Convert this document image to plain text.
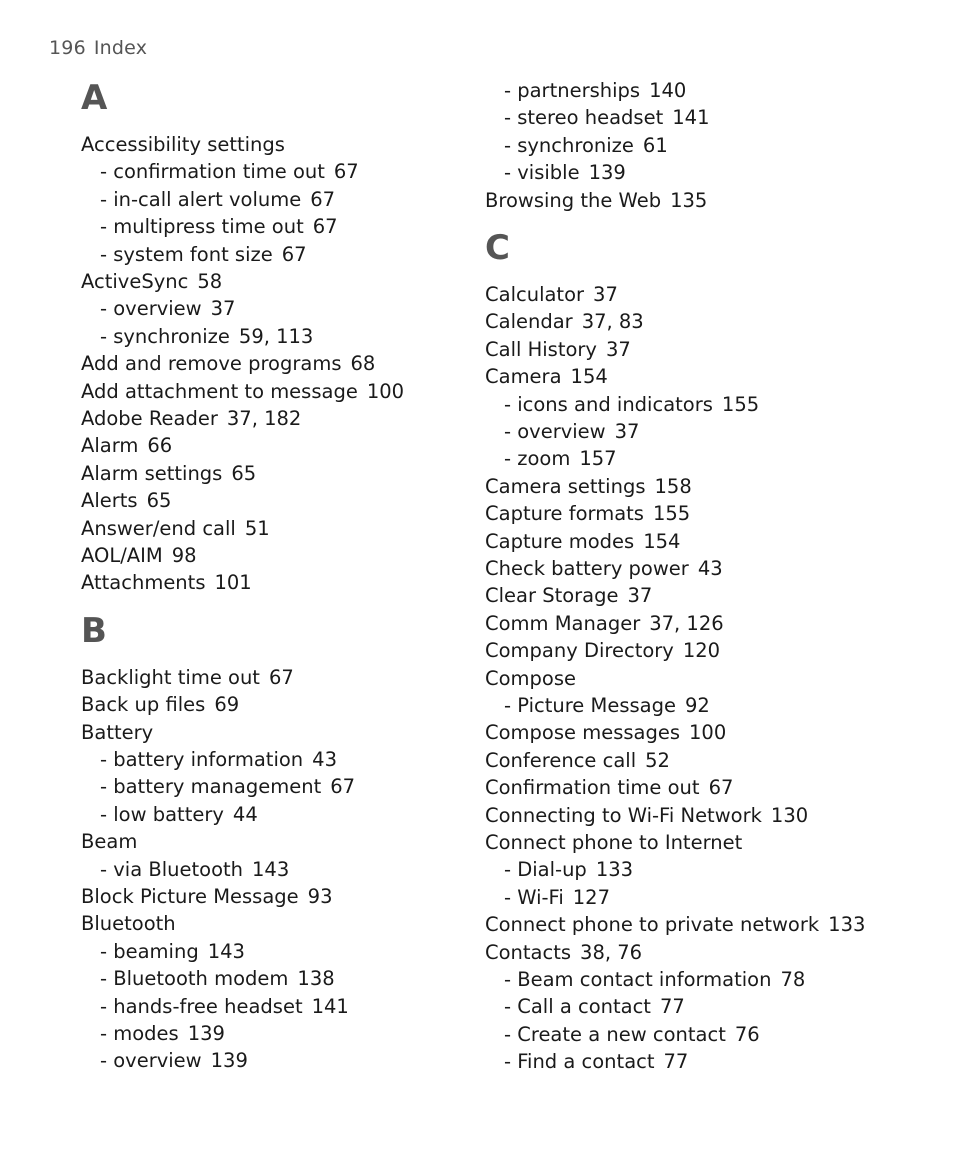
196 Index
A
Accessibility settings
- confirmation time out 67
- in-call alert volume 67
- multipress time out 67
- system font size 67
ActiveSync 58
- overview 37
- synchronize 59, 113
Add and remove programs 68
Add attachment to message 100
Adobe Reader 37, 182
Alarm 66
Alarm settings 65
Alerts 65
Answer/end call 51
AOL/AIM 98
Attachments 101
B
Backlight time out 67
Back up files 69
Battery
- battery information 43
- battery management 67
- low battery 44
Beam
- via Bluetooth 143
Block Picture Message 93
Bluetooth
- beaming 143
- Bluetooth modem 138
- hands-free headset 141
- modes 139
- overview 139
- partnerships 140
- stereo headset 141
- synchronize 61
- visible 139
Browsing the Web 135
C
Calculator 37
Calendar 37, 83
Call History 37
Camera 154
- icons and indicators 155
- overview 37
- zoom 157
Camera settings 158
Capture formats 155
Capture modes 154
Check battery power 43
Clear Storage 37
Comm Manager 37, 126
Company Directory 120
Compose
- Picture Message 92
Compose messages 100
Conference call 52
Confirmation time out 67
Connecting to Wi-Fi Network 130
Connect phone to Internet
- Dial-up 133
- Wi-Fi 127
Connect phone to private network 133
Contacts 38, 76
- Beam contact information 78
- Call a contact 77
- Create a new contact 76
- Find a contact 77
